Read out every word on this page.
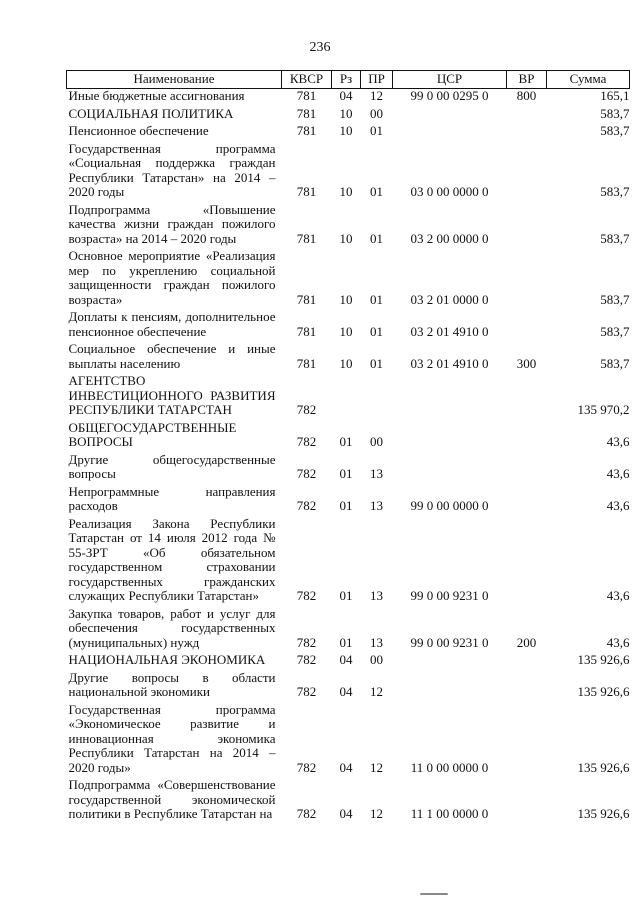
236
Наименование	КВСР	Рз	ПР	ЦСР	ВР	Сумма
Иные бюджетные ассигнования	781	04	12	99 0 00 0295 0	800	165,1
СОЦИАЛЬНАЯ ПОЛИТИКА	781	10	00			583,7
Пенсионное обеспечение	781	10	01			583,7
Государственная программа «Социальная поддержка граждан Республики Татарстан» на 2014 – 2020 годы	781	10	01	03 0 00 0000 0		583,7
Подпрограмма «Повышение качества жизни граждан пожилого возраста» на 2014 – 2020 годы	781	10	01	03 2 00 0000 0		583,7
Основное мероприятие «Реализация мер по укреплению социальной защищенности граждан пожилого возраста»	781	10	01	03 2 01 0000 0		583,7
Доплаты к пенсиям, дополнительное пенсионное обеспечение	781	10	01	03 2 01 4910 0		583,7
Социальное обеспечение и иные выплаты населению	781	10	01	03 2 01 4910 0	300	583,7
АГЕНТСТВО ИНВЕСТИЦИОННОГО РАЗВИТИЯ РЕСПУБЛИКИ ТАТАРСТАН	782					135 970,2
ОБЩЕГОСУДАРСТВЕННЫЕ ВОПРОСЫ	782	01	00			43,6
Другие общегосударственные вопросы	782	01	13			43,6
Непрограммные направления расходов	782	01	13	99 0 00 0000 0		43,6
Реализация Закона Республики Татарстан от 14 июля 2012 года № 55-ЗРТ «Об обязательном государственном страховании государственных гражданских служащих Республики Татарстан»	782	01	13	99 0 00 9231 0		43,6
Закупка товаров, работ и услуг для обеспечения государственных (муниципальных) нужд	782	01	13	99 0 00 9231 0	200	43,6
НАЦИОНАЛЬНАЯ ЭКОНОМИКА	782	04	00			135 926,6
Другие вопросы в области национальной экономики	782	04	12			135 926,6
Государственная программа «Экономическое развитие и инновационная экономика Республики Татарстан на 2014 – 2020 годы»	782	04	12	11 0 00 0000 0		135 926,6
Подпрограмма «Совершенствование государственной экономической политики в Республике Татарстан на	782	04	12	11 1 00 0000 0		135 926,6
